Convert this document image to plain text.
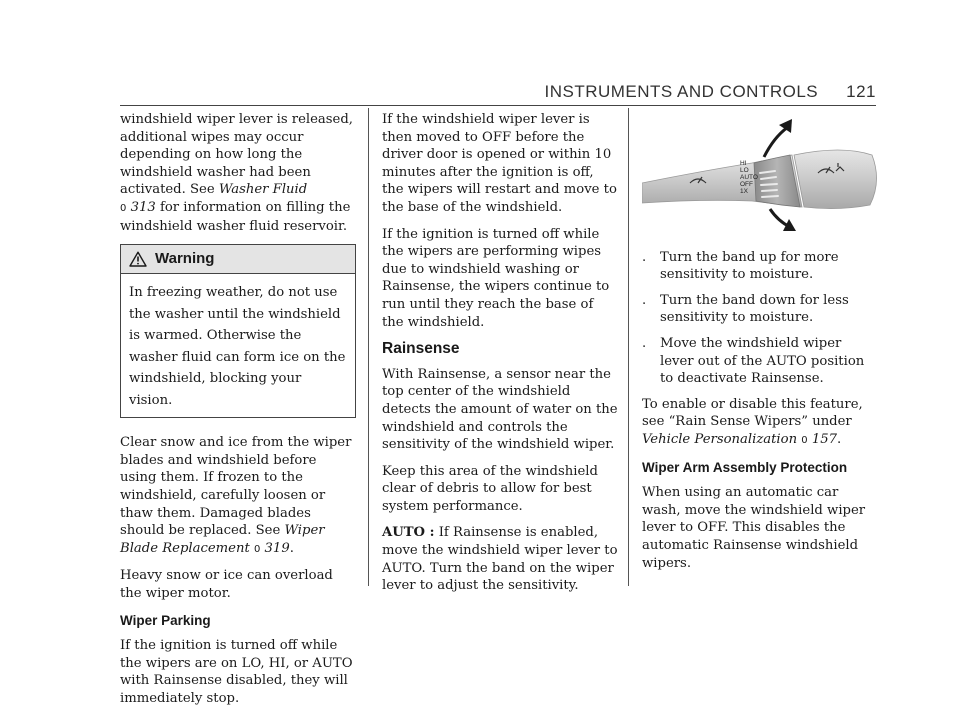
INSTRUMENTS AND CONTROLS 121

windshield wiper lever is released, additional wipes may occur depending on how long the windshield washer had been activated. See Washer Fluid
0 313 for information on filling the windshield washer fluid reservoir.

Warning
In freezing weather, do not use the washer until the windshield is warmed. Otherwise the washer fluid can form ice on the windshield, blocking your vision.

Clear snow and ice from the wiper blades and windshield before using them. If frozen to the windshield, carefully loosen or thaw them. Damaged blades should be replaced. See Wiper Blade Replacement 0 319.

Heavy snow or ice can overload the wiper motor.

Wiper Parking

If the ignition is turned off while the wipers are on LO, HI, or AUTO with Rainsense disabled, they will immediately stop.

If the windshield wiper lever is then moved to OFF before the driver door is opened or within 10 minutes after the ignition is off, the wipers will restart and move to the base of the windshield.

If the ignition is turned off while the wipers are performing wipes due to windshield washing or Rainsense, the wipers continue to run until they reach the base of the windshield.

Rainsense

With Rainsense, a sensor near the top center of the windshield detects the amount of water on the windshield and controls the sensitivity of the windshield wiper.

Keep this area of the windshield clear of debris to allow for best system performance.

AUTO : If Rainsense is enabled, move the windshield wiper lever to AUTO. Turn the band on the wiper lever to adjust the sensitivity.

HI
LO
AUTO
OFF
1X
.	Turn the band up for more sensitivity to moisture.
.	Turn the band down for less sensitivity to moisture.
.	Move the windshield wiper lever out of the AUTO position to deactivate Rainsense.

To enable or disable this feature, see “Rain Sense Wipers” under Vehicle Personalization 0 157.

Wiper Arm Assembly Protection

When using an automatic car wash, move the windshield wiper lever to OFF. This disables the automatic Rainsense windshield wipers.
